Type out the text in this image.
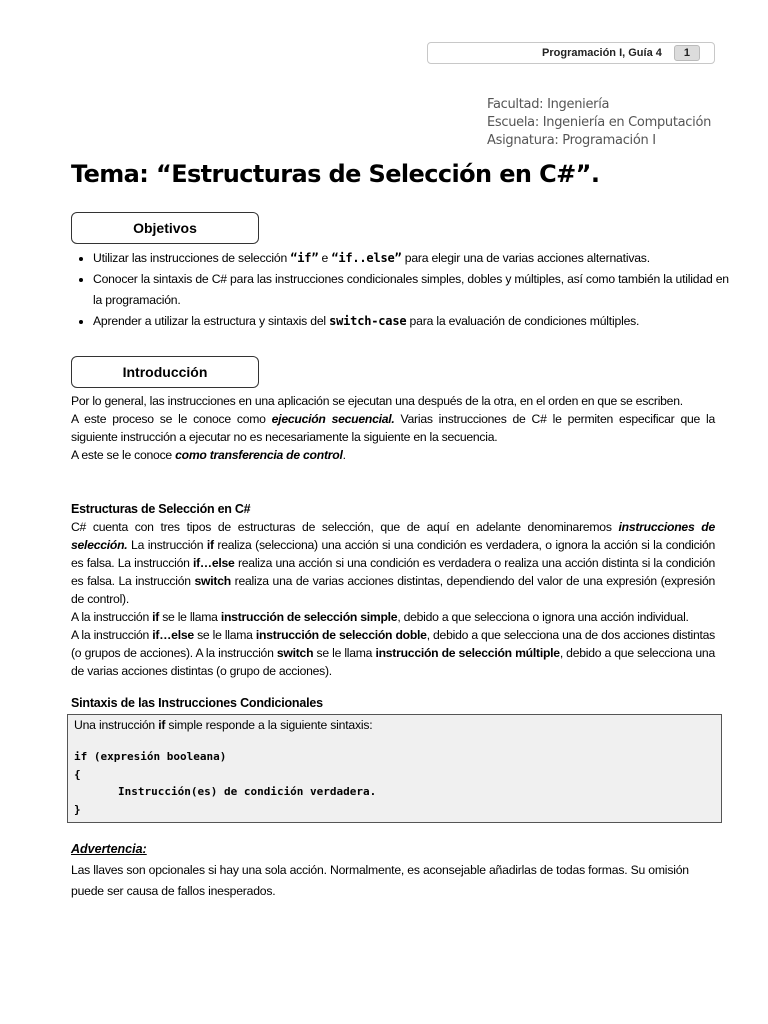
Programación I, Guía 4	1
Facultad: Ingeniería
Escuela: Ingeniería en Computación
Asignatura: Programación I
Tema: “Estructuras de Selección en C#”.
Objetivos
• Utilizar las instrucciones de selección “if” e “if..else” para elegir una de varias acciones alternativas.
• Conocer la sintaxis de C# para las instrucciones condicionales simples, dobles y múltiples, así como también la utilidad en la programación.
• Aprender a utilizar la estructura y sintaxis del switch-case para la evaluación de condiciones múltiples.
Introducción

Por lo general, las instrucciones en una aplicación se ejecutan una después de la otra, en el orden en que se escriben.

A este proceso se le conoce como ejecución secuencial. Varias instrucciones de C# le permiten especificar que la siguiente instrucción a ejecutar no es necesariamente la siguiente en la secuencia.

A este se le conoce como transferencia de control.

Estructuras de Selección en C#

C# cuenta con tres tipos de estructuras de selección, que de aquí en adelante denominaremos instrucciones de selección. La instrucción if realiza (selecciona) una acción si una condición es verdadera, o ignora la acción si la condición es falsa. La instrucción if…else realiza una acción si una condición es verdadera o realiza una acción distinta si la condición es falsa. La instrucción switch realiza una de varias acciones distintas, dependiendo del valor de una expresión (expresión de control).

A la instrucción if se le llama instrucción de selección simple, debido a que selecciona o ignora una acción individual.

A la instrucción if…else se le llama instrucción de selección doble, debido a que selecciona una de dos acciones distintas (o grupos de acciones). A la instrucción switch se le llama instrucción de selección múltiple, debido a que selecciona una de varias acciones distintas (o grupo de acciones).

Sintaxis de las Instrucciones Condicionales
Una instrucción if simple responde a la siguiente sintaxis:
if (expresión booleana)
{
Instrucción(es) de condición verdadera.
}
Advertencia:
Las llaves son opcionales si hay una sola acción. Normalmente, es aconsejable añadirlas de todas formas. Su omisión puede ser causa de fallos inesperados.
